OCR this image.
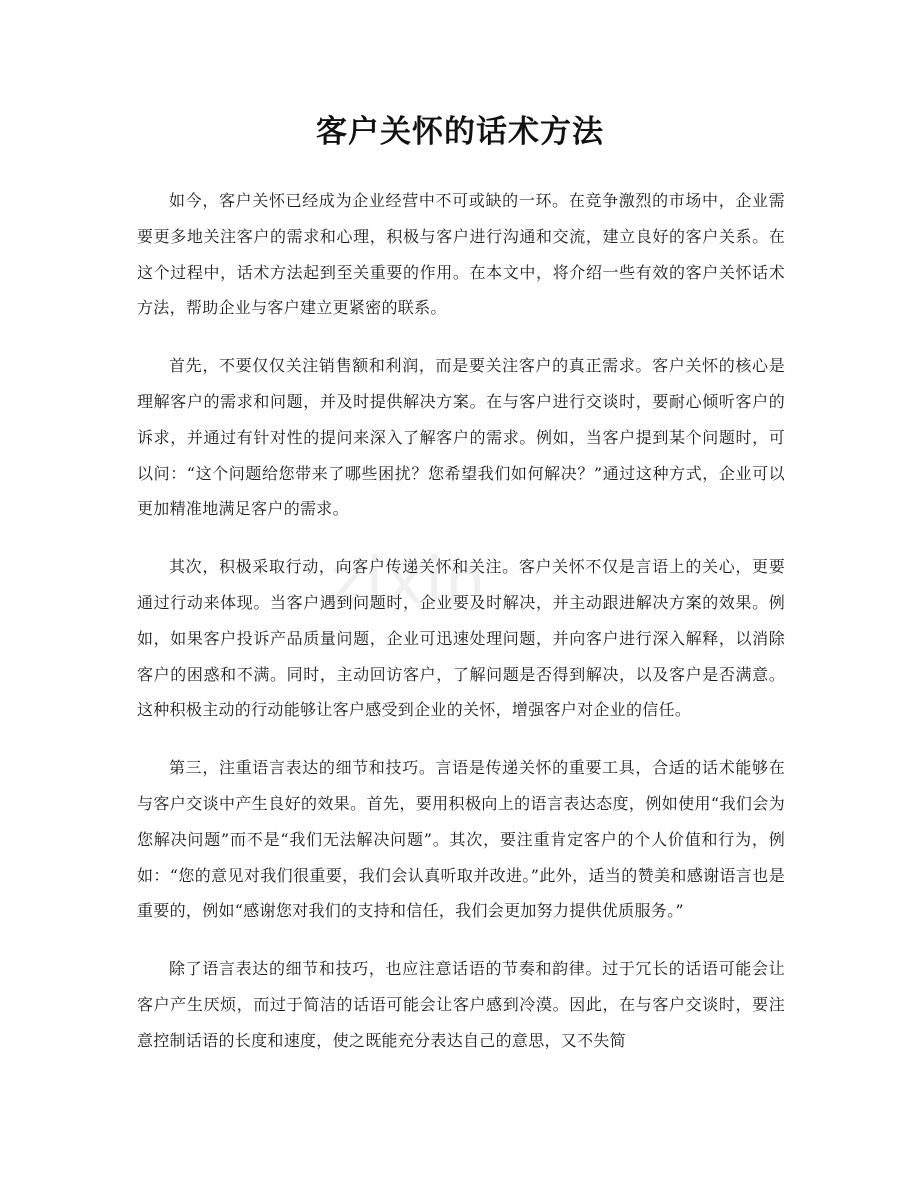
客户关怀的话术方法

如今，客户关怀已经成为企业经营中不可或缺的一环。在竞争激烈的市场中，企业需要更多地关注客户的需求和心理，积极与客户进行沟通和交流，建立良好的客户关系。在这个过程中，话术方法起到至关重要的作用。在本文中，将介绍一些有效的客户关怀话术方法，帮助企业与客户建立更紧密的联系。

首先，不要仅仅关注销售额和利润，而是要关注客户的真正需求。客户关怀的核心是理解客户的需求和问题，并及时提供解决方案。在与客户进行交谈时，要耐心倾听客户的诉求，并通过有针对性的提问来深入了解客户的需求。例如，当客户提到某个问题时，可以问：“这个问题给您带来了哪些困扰？您希望我们如何解决？”通过这种方式，企业可以更加精准地满足客户的需求。

其次，积极采取行动，向客户传递关怀和关注。客户关怀不仅是言语上的关心，更要通过行动来体现。当客户遇到问题时，企业要及时解决，并主动跟进解决方案的效果。例如，如果客户投诉产品质量问题，企业可迅速处理问题，并向客户进行深入解释，以消除客户的困惑和不满。同时，主动回访客户，了解问题是否得到解决，以及客户是否满意。这种积极主动的行动能够让客户感受到企业的关怀，增强客户对企业的信任。

第三，注重语言表达的细节和技巧。言语是传递关怀的重要工具，合适的话术能够在与客户交谈中产生良好的效果。首先，要用积极向上的语言表达态度，例如使用“我们会为您解决问题”而不是“我们无法解决问题”。其次，要注重肯定客户的个人价值和行为，例如：“您的意见对我们很重要，我们会认真听取并改进。”此外，适当的赞美和感谢语言也是重要的，例如“感谢您对我们的支持和信任，我们会更加努力提供优质服务。”

除了语言表达的细节和技巧，也应注意话语的节奏和韵律。过于冗长的话语可能会让客户产生厌烦，而过于简洁的话语可能会让客户感到冷漠。因此，在与客户交谈时，要注意控制话语的长度和速度，使之既能充分表达自己的意思，又不失简

zixin
